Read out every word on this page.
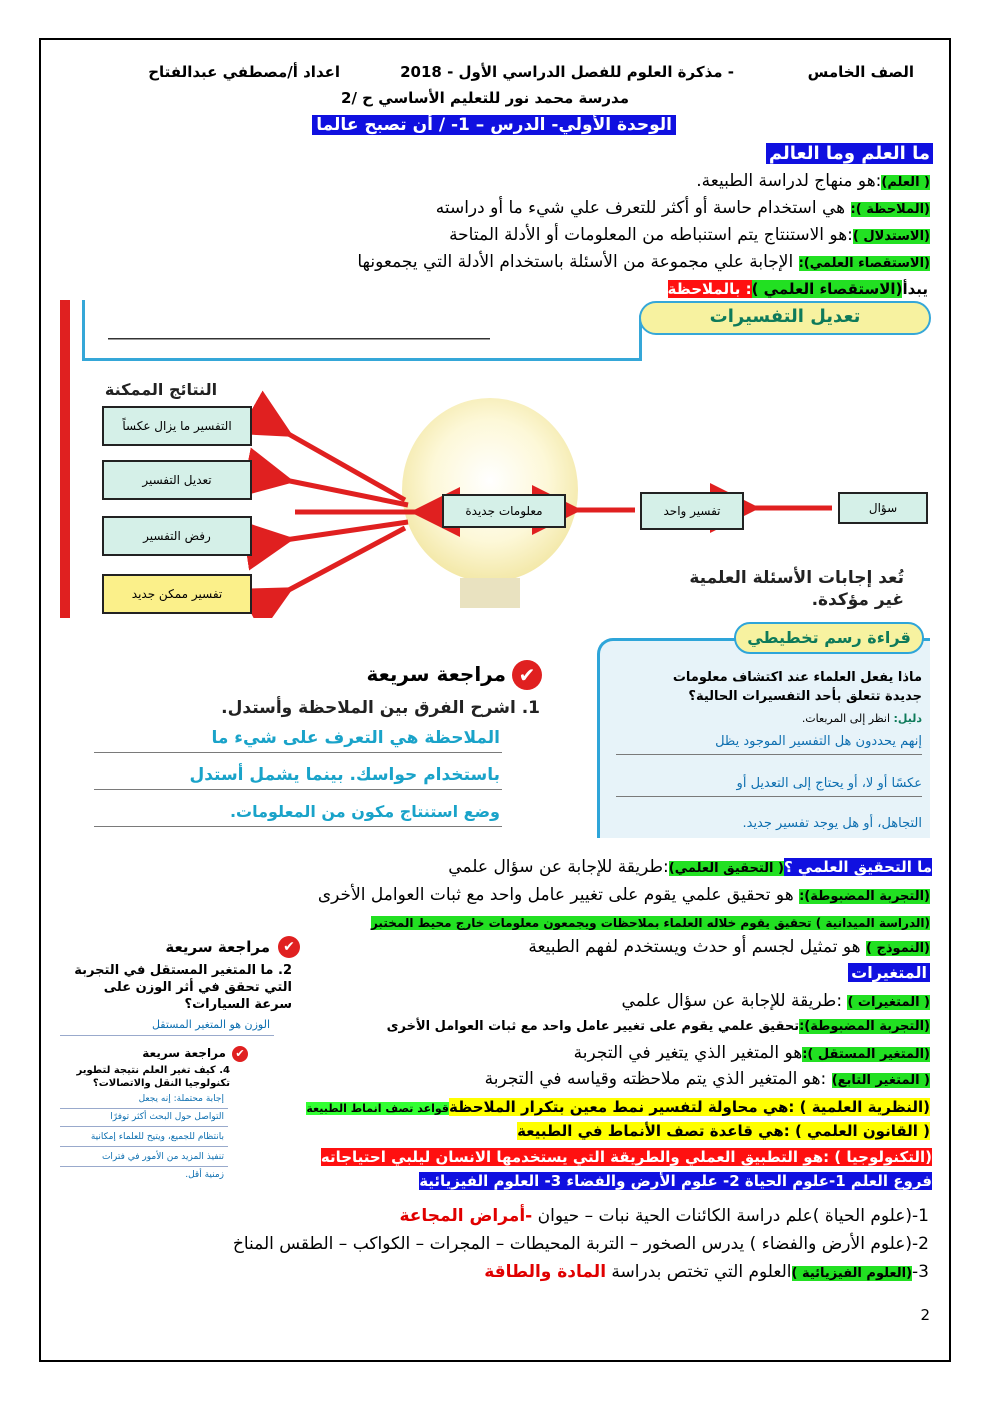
الصف الخامس
- مذكرة العلوم للفصل الدراسي الأول - 2018
اعداد أ/مصطفي عبدالفتاح
مدرسة محمد نور للتعليم الأساسي ح /2
الوحدة الأولي- الدرس – 1- / أن تصبح عالما
ما العلم وما العالم
( العلم):هو منهاج لدراسة الطبيعة.
(الملاحظة ): هي استخدام حاسة أو أكثر للتعرف علي شيء ما أو دراسته
(الاستدلال ):هو الاستنتاج يتم استنباطه من المعلومات أو الأدلة المتاحة
(الاستقصاء العلمي): الإجابة علي مجموعة من الأسئلة باستخدام الأدلة التي يجمعونها
يبدأ(الاستقصاء العلمي ): بالملاحظة
تعديل التفسيرات
النتائج الممكنة
التفسير ما يزال عكساً
تعديل التفسير
رفض التفسير
تفسير ممكن جديد
معلومات جديدة	تفسير واحد	سؤال
تُعد إجابات الأسئلة العلمية
غير مؤكدة.
قراءة رسم تخطيطي
ماذا يفعل العلماء عند اكتشاف معلومات جديدة تتعلق بأحد التفسيرات الحالية؟
دليل: انظر إلى المربعات.
إنهم يحددون هل التفسير الموجود يظل
عكسًا أو لا، أو يحتاج إلى التعديل أو
التجاهل، أو هل يوجد تفسير جديد.
✔
مراجعة سريعة
1. اشرح الفرق بين الملاحظة وأستدل.
الملاحظة هي التعرف على شيء ما
باستخدام حواسك. بينما يشمل أستدل
وضع استنتاج مكون من المعلومات.
ما التحقيق العلمي ؟( التحقيق العلمي):طريقة للإجابة عن سؤال علمي
(التجربة المضبوطة): هو تحقيق علمي يقوم على تغيير عامل واحد مع ثبات العوامل الأخرى
(الدراسة الميدانية ) تحقيق يقوم خلاله العلماء بملاحظات ويجمعون معلومات خارج محيط المختبر
(النموذج ) هو تمثيل لجسم أو حدث ويستخدم لفهم الطبيعة
المتغيرات
( المتغيرات ) :طريقة للإجابة عن سؤال علمي
(التجربة المضبوطة):تحقيق علمي يقوم على تغيير عامل واحد مع ثبات العوامل الأخرى
(المتغير المستقل ):هو المتغير الذي يتغير في التجربة
( المتغير التابع) :هو المتغير الذي يتم ملاحظته وقياسه في التجربة
(النظرية العلمية ) :هي محاولة لتفسير نمط معين بتكرار الملاحظةقواعد تصف انماط الطبيعة
( القانون العلمي ) :هي قاعدة تصف الأنماط في الطبيعة
(التكنولوجيا ) :هو التطبيق العملي والطريقة التي يستخدمها الانسان ليلبي احتياجاته
فروع العلم 1-علوم الحياة 2- علوم الأرض والفضاء 3- العلوم الفيزيائية
1-(علوم الحياة )علم دراسة الكائنات الحية نبات – حيوان -أمراض المجاعة
2-(علوم الأرض والفضاء ) يدرس الصخور – التربة المحيطات – المجرات – الكواكب – الطقس المناخ
3-(العلوم الفيزيائية )العلوم التي تختص بدراسة المادة والطاقة
✔
مراجعة سريعة
2. ما المتغير المستقل في التجربة التي تحقق في أثر الوزن على سرعة السيارات؟
الوزن هو المتغير المستقل
✔
مراجعة سريعة
4. كيف تغير العلم نتيجة لتطوير تكنولوجيا النقل والاتصالات؟
إجابة محتملة: إنه يجعل
التواصل حول البحث أكثر توفرًا
بانتظام للجميع، ويتيح للعلماء إمكانية
تنفيذ المزيد من الأمور في فترات
زمنية أقل.
2
